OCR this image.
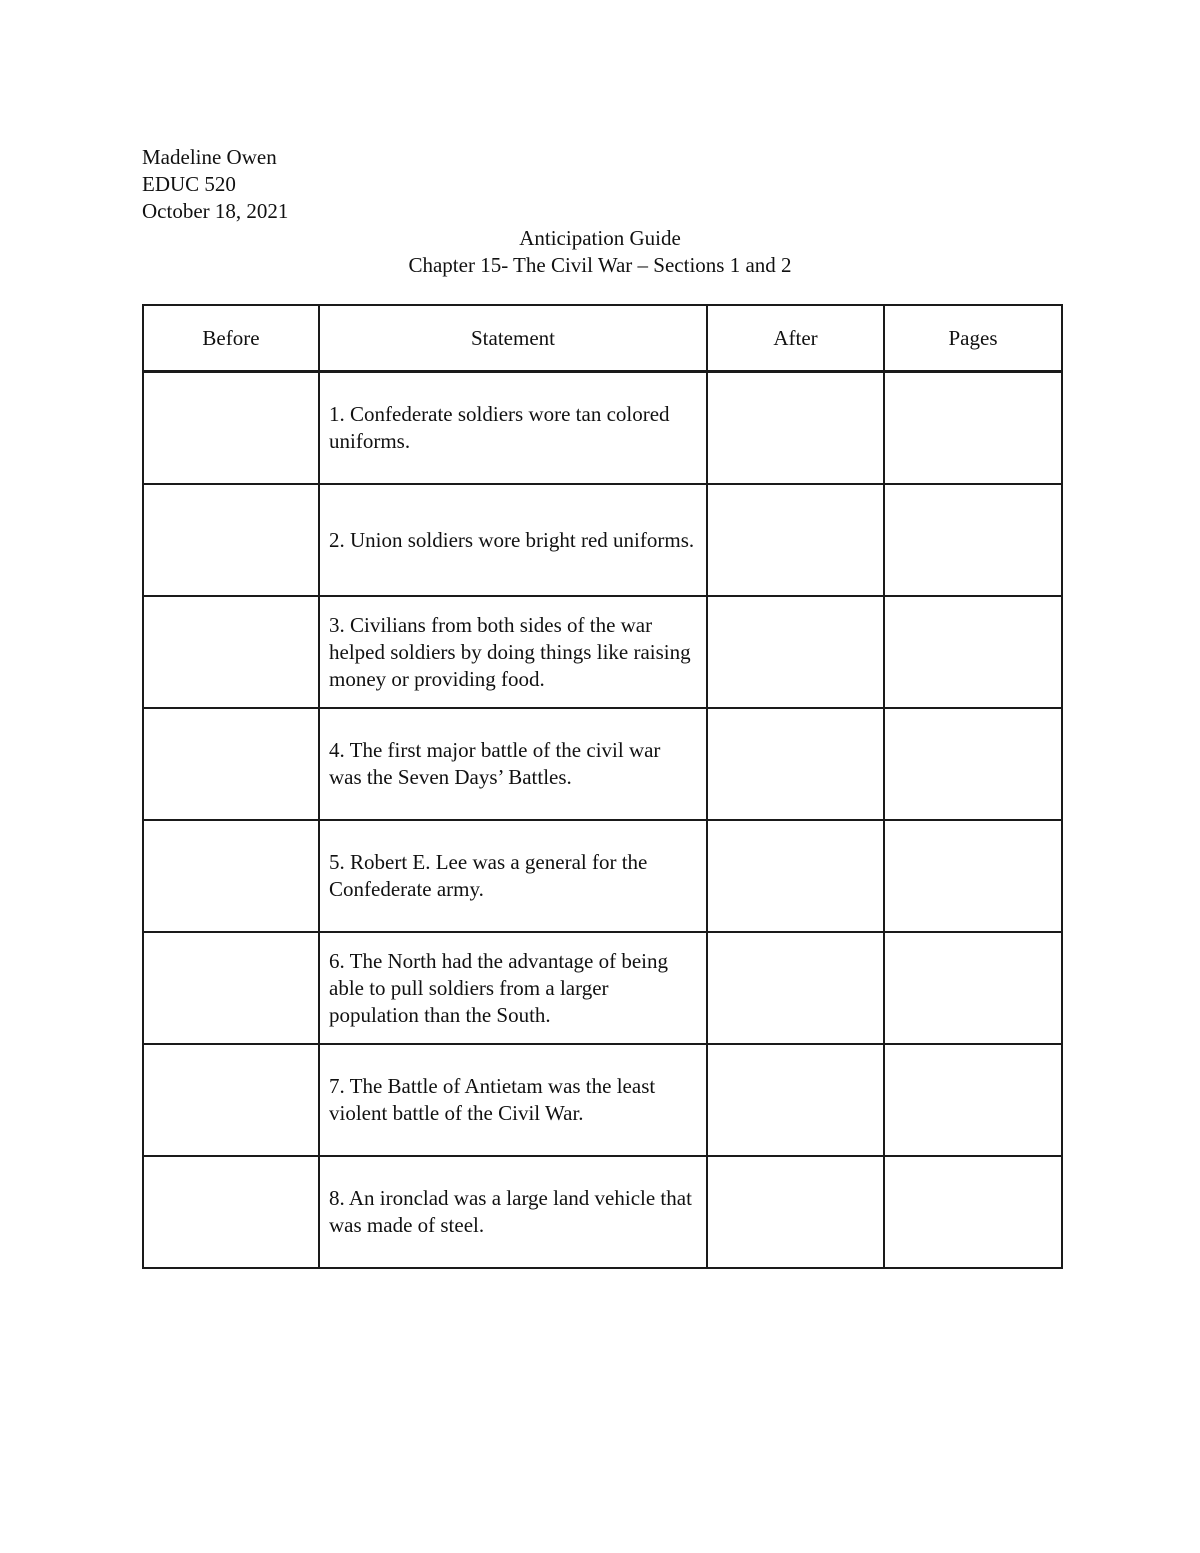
Madeline Owen
EDUC 520
October 18, 2021
Anticipation Guide
Chapter 15- The Civil War – Sections 1 and 2
Before	Statement	After	Pages

	1. Confederate soldiers wore tan colored uniforms.		

	2. Union soldiers wore bright red uniforms.		

	3. Civilians from both sides of the war helped soldiers by doing things like raising money or providing food.		

	4. The first major battle of the civil war was the Seven Days’ Battles.		

	5. Robert E. Lee was a general for the Confederate army.		

	6. The North had the advantage of being able to pull soldiers from a larger population than the South.		

	7. The Battle of Antietam was the least violent battle of the Civil War.		

	8. An ironclad was a large land vehicle that was made of steel.		
